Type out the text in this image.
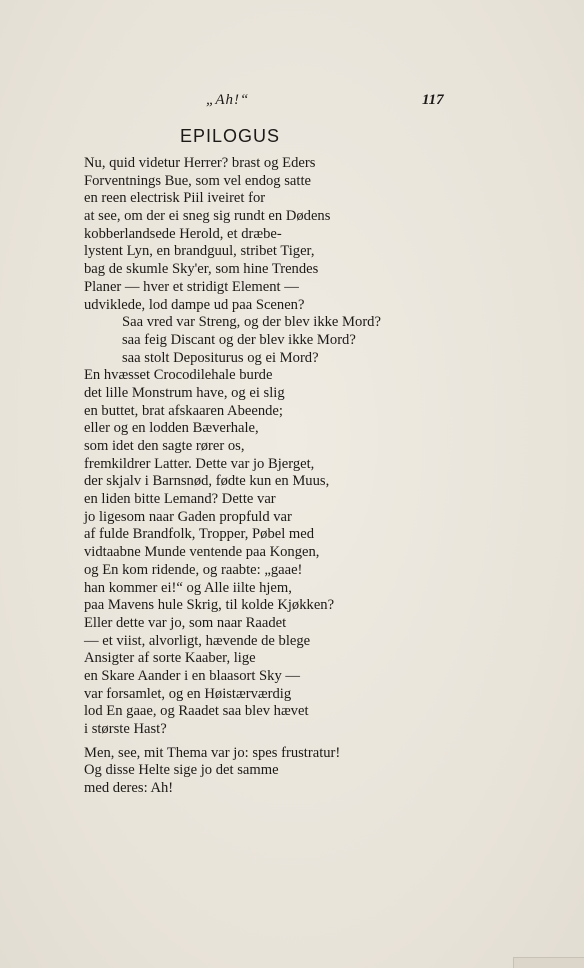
„Ah!“	117
EPILOGUS
Nu, quid videtur Herrer? brast og Eders
Forventnings Bue, som vel endog satte
en reen electrisk Piil iveiret for
at see, om der ei sneg sig rundt en Dødens
kobberlandsede Herold, et dræbe-
lystent Lyn, en brandguul, stribet Tiger,
bag de skumle Sky'er, som hine Trendes
Planer — hver et stridigt Element —
udviklede, lod dampe ud paa Scenen?
Saa vred var Streng, og der blev ikke Mord?
saa feig Discant og der blev ikke Mord?
saa stolt Depositurus og ei Mord?
En hvæsset Crocodilehale burde
det lille Monstrum have, og ei slig
en buttet, brat afskaaren Abeende;
eller og en lodden Bæverhale,
som idet den sagte rører os,
fremkildrer Latter. Dette var jo Bjerget,
der skjalv i Barnsnød, fødte kun en Muus,
en liden bitte Lemand? Dette var
jo ligesom naar Gaden propfuld var
af fulde Brandfolk, Tropper, Pøbel med
vidtaabne Munde ventende paa Kongen,
og En kom ridende, og raabte: „gaae!
han kommer ei!“ og Alle iilte hjem,
paa Mavens hule Skrig, til kolde Kjøkken?
Eller dette var jo, som naar Raadet
— et viist, alvorligt, hævende de blege
Ansigter af sorte Kaaber, lige
en Skare Aander i en blaasort Sky —
var forsamlet, og en Høistærværdig
lod En gaae, og Raadet saa blev hævet
i største Hast?
Men, see, mit Thema var jo: spes frustratur!
Og disse Helte sige jo det samme
med deres: Ah!
